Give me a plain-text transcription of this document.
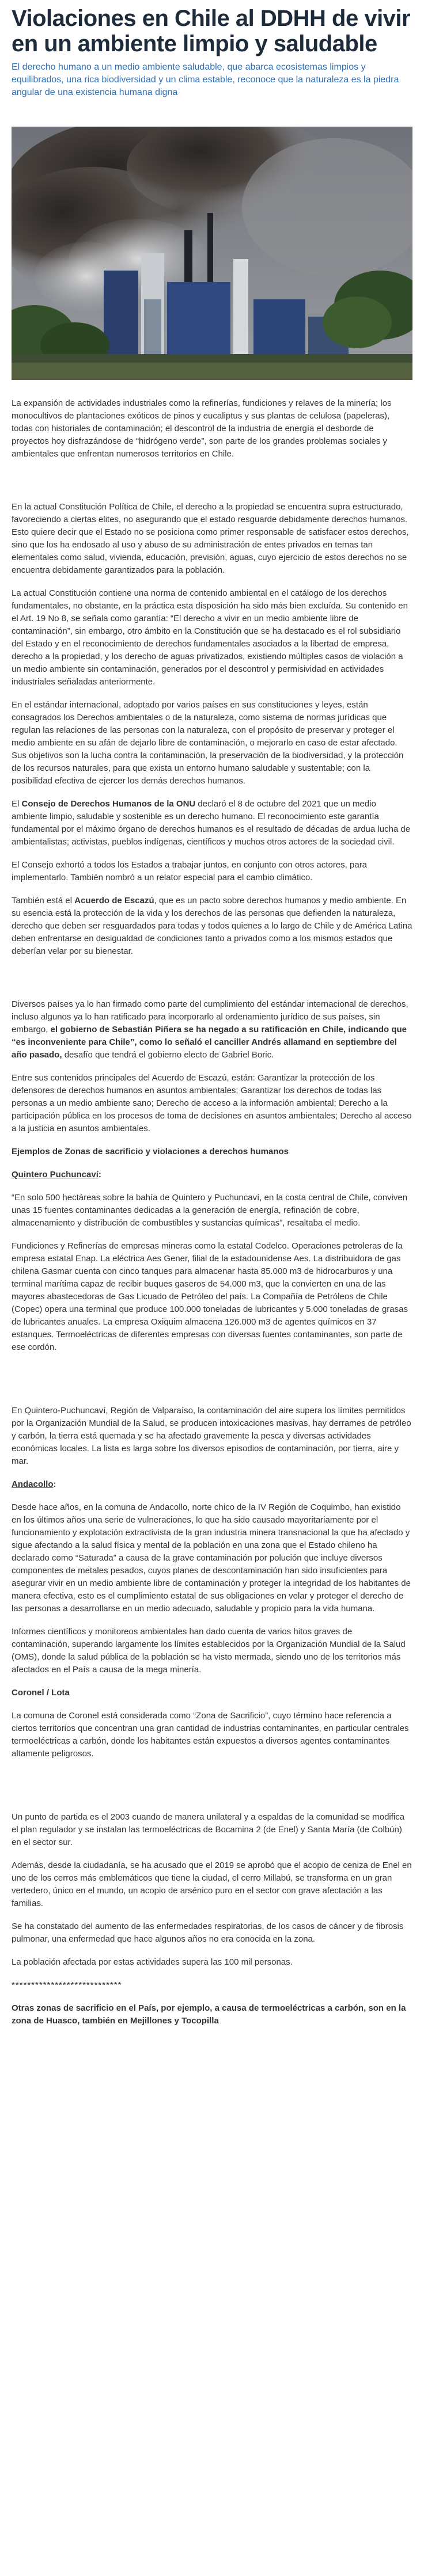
Violaciones en Chile al DDHH de vivir en un ambiente limpio y saludable
El derecho humano a un medio ambiente saludable, que abarca ecosistemas limpios y equilibrados, una rica biodiversidad y un clima estable, reconoce que la naturaleza es la piedra angular de una existencia humana digna

La expansión de actividades industriales como la refinerías, fundiciones y relaves de la minería; los monocultivos de plantaciones exóticos de pinos y eucaliptus y sus plantas de celulosa (papeleras), todas con historiales de contaminación; el descontrol de la industria de energía el desborde de proyectos hoy disfrazándose de “hidrógeno verde”, son parte de los grandes problemas sociales y ambientales que enfrentan numerosos territorios en Chile.

En la actual Constitución Política de Chile, el derecho a la propiedad se encuentra supra estructurado, favoreciendo a ciertas elites, no asegurando que el estado resguarde debidamente derechos humanos. Esto quiere decir que el Estado no se posiciona como primer responsable de satisfacer estos derechos, sino que los ha endosado al uso y abuso de su administración de entes privados en temas tan elementales como salud, vivienda, educación, previsión, aguas, cuyo ejercicio de estos derechos no se encuentra debidamente garantizados para la población.

La actual Constitución contiene una norma de contenido ambiental en el catálogo de los derechos fundamentales, no obstante, en la práctica esta disposición ha sido más bien excluída. Su contenido en el Art. 19 No 8, se señala como garantía: “El derecho a vivir en un medio ambiente libre de contaminación”, sin embargo, otro ámbito en la Constitución que se ha destacado es el rol subsidiario del Estado y en el reconocimiento de derechos fundamentales asociados a la libertad de empresa, derecho a la propiedad, y los derecho de aguas privatizados, existiendo múltiples casos de violación a un medio ambiente sin contaminación, generados por el descontrol y permisividad en actividades industriales señaladas anteriormente.

En el estándar internacional, adoptado por varios países en sus constituciones y leyes, están consagrados los Derechos ambientales o de la naturaleza, como sistema de normas jurídicas que regulan las relaciones de las personas con la naturaleza, con el propósito de preservar y proteger el medio ambiente en su afán de dejarlo libre de contaminación, o mejorarlo en caso de estar afectado. Sus objetivos son la lucha contra la contaminación, la preservación de la biodiversidad, y la protección de los recursos naturales, para que exista un entorno humano saludable y sustentable; con la posibilidad efectiva de ejercer los demás derechos humanos.

El Consejo de Derechos Humanos de la ONU declaró el 8 de octubre del 2021 que un medio ambiente limpio, saludable y sostenible es un derecho humano. El reconocimiento este garantía fundamental por el máximo órgano de derechos humanos es el resultado de décadas de ardua lucha de ambientalistas; activistas, pueblos indígenas, científicos y muchos otros actores de la sociedad civil.

El Consejo exhortó a todos los Estados a trabajar juntos, en conjunto con otros actores, para implementarlo. También nombró a un relator especial para el cambio climático.

También está el Acuerdo de Escazú, que es un pacto sobre derechos humanos y medio ambiente. En su esencia está la protección de la vida y los derechos de las personas que defienden la naturaleza, derecho que deben ser resguardados para todas y todos quienes a lo largo de Chile y de América Latina deben enfrentarse en desigualdad de condiciones tanto a privados como a los mismos estados que deberían velar por su bienestar.

Diversos países ya lo han firmado como parte del cumplimiento del estándar internacional de derechos, incluso algunos ya lo han ratificado para incorporarlo al ordenamiento jurídico de sus países, sin embargo, el gobierno de Sebastián Piñera se ha negado a su ratificación en Chile, indicando que “es inconveniente para Chile”, como lo señaló el canciller Andrés allamand en septiembre del año pasado, desafío que tendrá el gobierno electo de Gabriel Boric.

Entre sus contenidos principales del Acuerdo de Escazú, están: Garantizar la protección de los defensores de derechos humanos en asuntos ambientales; Garantizar los derechos de todas las personas a un medio ambiente sano; Derecho de acceso a la información ambiental; Derecho a la participación pública en los procesos de toma de decisiones en asuntos ambientales; Derecho al acceso a la justicia en asuntos ambientales.

Ejemplos de Zonas de sacrificio y violaciones a derechos humanos

Quintero Puchuncaví:

“En solo 500 hectáreas sobre la bahía de Quintero y Puchuncaví, en la costa central de Chile, conviven unas 15 fuentes contaminantes dedicadas a la generación de energía, refinación de cobre, almacenamiento y distribución de combustibles y sustancias químicas”, resaltaba el medio.

Fundiciones y Refinerías de empresas mineras como la estatal Codelco. Operaciones petroleras de la empresa estatal Enap. La eléctrica Aes Gener, filial de la estadounidense Aes. La distribuidora de gas chilena Gasmar cuenta con cinco tanques para almacenar hasta 85.000 m3 de hidrocarburos y una terminal marítima capaz de recibir buques gaseros de 54.000 m3, que la convierten en una de las mayores abastecedoras de Gas Licuado de Petróleo del país. La Compañía de Petróleos de Chile (Copec) opera una terminal que produce 100.000 toneladas de lubricantes y 5.000 toneladas de grasas de lubricantes anuales. La empresa Oxiquim almacena 126.000 m3 de agentes químicos en 37 estanques. Termoeléctricas de diferentes empresas con diversas fuentes contaminantes, son parte de ese cordón.

En Quintero-Puchuncaví, Región de Valparaíso, la contaminación del aire supera los límites permitidos por la Organización Mundial de la Salud, se producen intoxicaciones masivas, hay derrames de petróleo y carbón, la tierra está quemada y se ha afectado gravemente la pesca y diversas actividades económicas locales. La lista es larga sobre los diversos episodios de contaminación, por tierra, aire y mar.

Andacollo:

Desde hace años, en la comuna de Andacollo, norte chico de la IV Región de Coquimbo, han existido en los últimos años una serie de vulneraciones, lo que ha sido causado mayoritariamente por el funcionamiento y explotación extractivista de la gran industria minera transnacional la que ha afectado y sigue afectando a la salud física y mental de la población en una zona que el Estado chileno ha declarado como “Saturada” a causa de la grave contaminación por polución que incluye diversos componentes de metales pesados, cuyos planes de descontaminación han sido insuficientes para asegurar vivir en un medio ambiente libre de contaminación y proteger la integridad de los habitantes de manera efectiva, esto es el cumplimiento estatal de sus obligaciones en velar y proteger el derecho de las personas a desarrollarse en un medio adecuado, saludable y propicio para la vida humana.

Informes científicos y monitoreos ambientales han dado cuenta de varios hitos graves de contaminación, superando largamente los límites establecidos por la Organización Mundial de la Salud (OMS), donde la salud pública de la población se ha visto mermada, siendo uno de los territorios más afectados en el País a causa de la mega minería.

Coronel / Lota

La comuna de Coronel está considerada como “Zona de Sacrificio”, cuyo término hace referencia a ciertos territorios que concentran una gran cantidad de industrias contaminantes, en particular centrales termoeléctricas a carbón, donde los habitantes están expuestos a diversos agentes contaminantes altamente peligrosos.

Un punto de partida es el 2003 cuando de manera unilateral y a espaldas de la comunidad se modifica el plan regulador y se instalan las termoeléctricas de Bocamina 2 (de Enel) y Santa María (de Colbún) en el sector sur.

Además, desde la ciudadanía, se ha acusado que el 2019 se aprobó que el acopio de ceniza de Enel en uno de los cerros más emblemáticos que tiene la ciudad, el cerro Millabú, se transforma en un gran vertedero, único en el mundo, un acopio de arsénico puro en el sector con grave afectación a las familias.

Se ha constatado del aumento de las enfermedades respiratorias, de los casos de cáncer y de fibrosis pulmonar, una enfermedad que hace algunos años no era conocida en la zona.

La población afectada por estas actividades supera las 100 mil personas.

****************************

Otras zonas de sacrificio en el País, por ejemplo, a causa de termoeléctricas a carbón, son en la zona de Huasco, también en Mejillones y Tocopilla
